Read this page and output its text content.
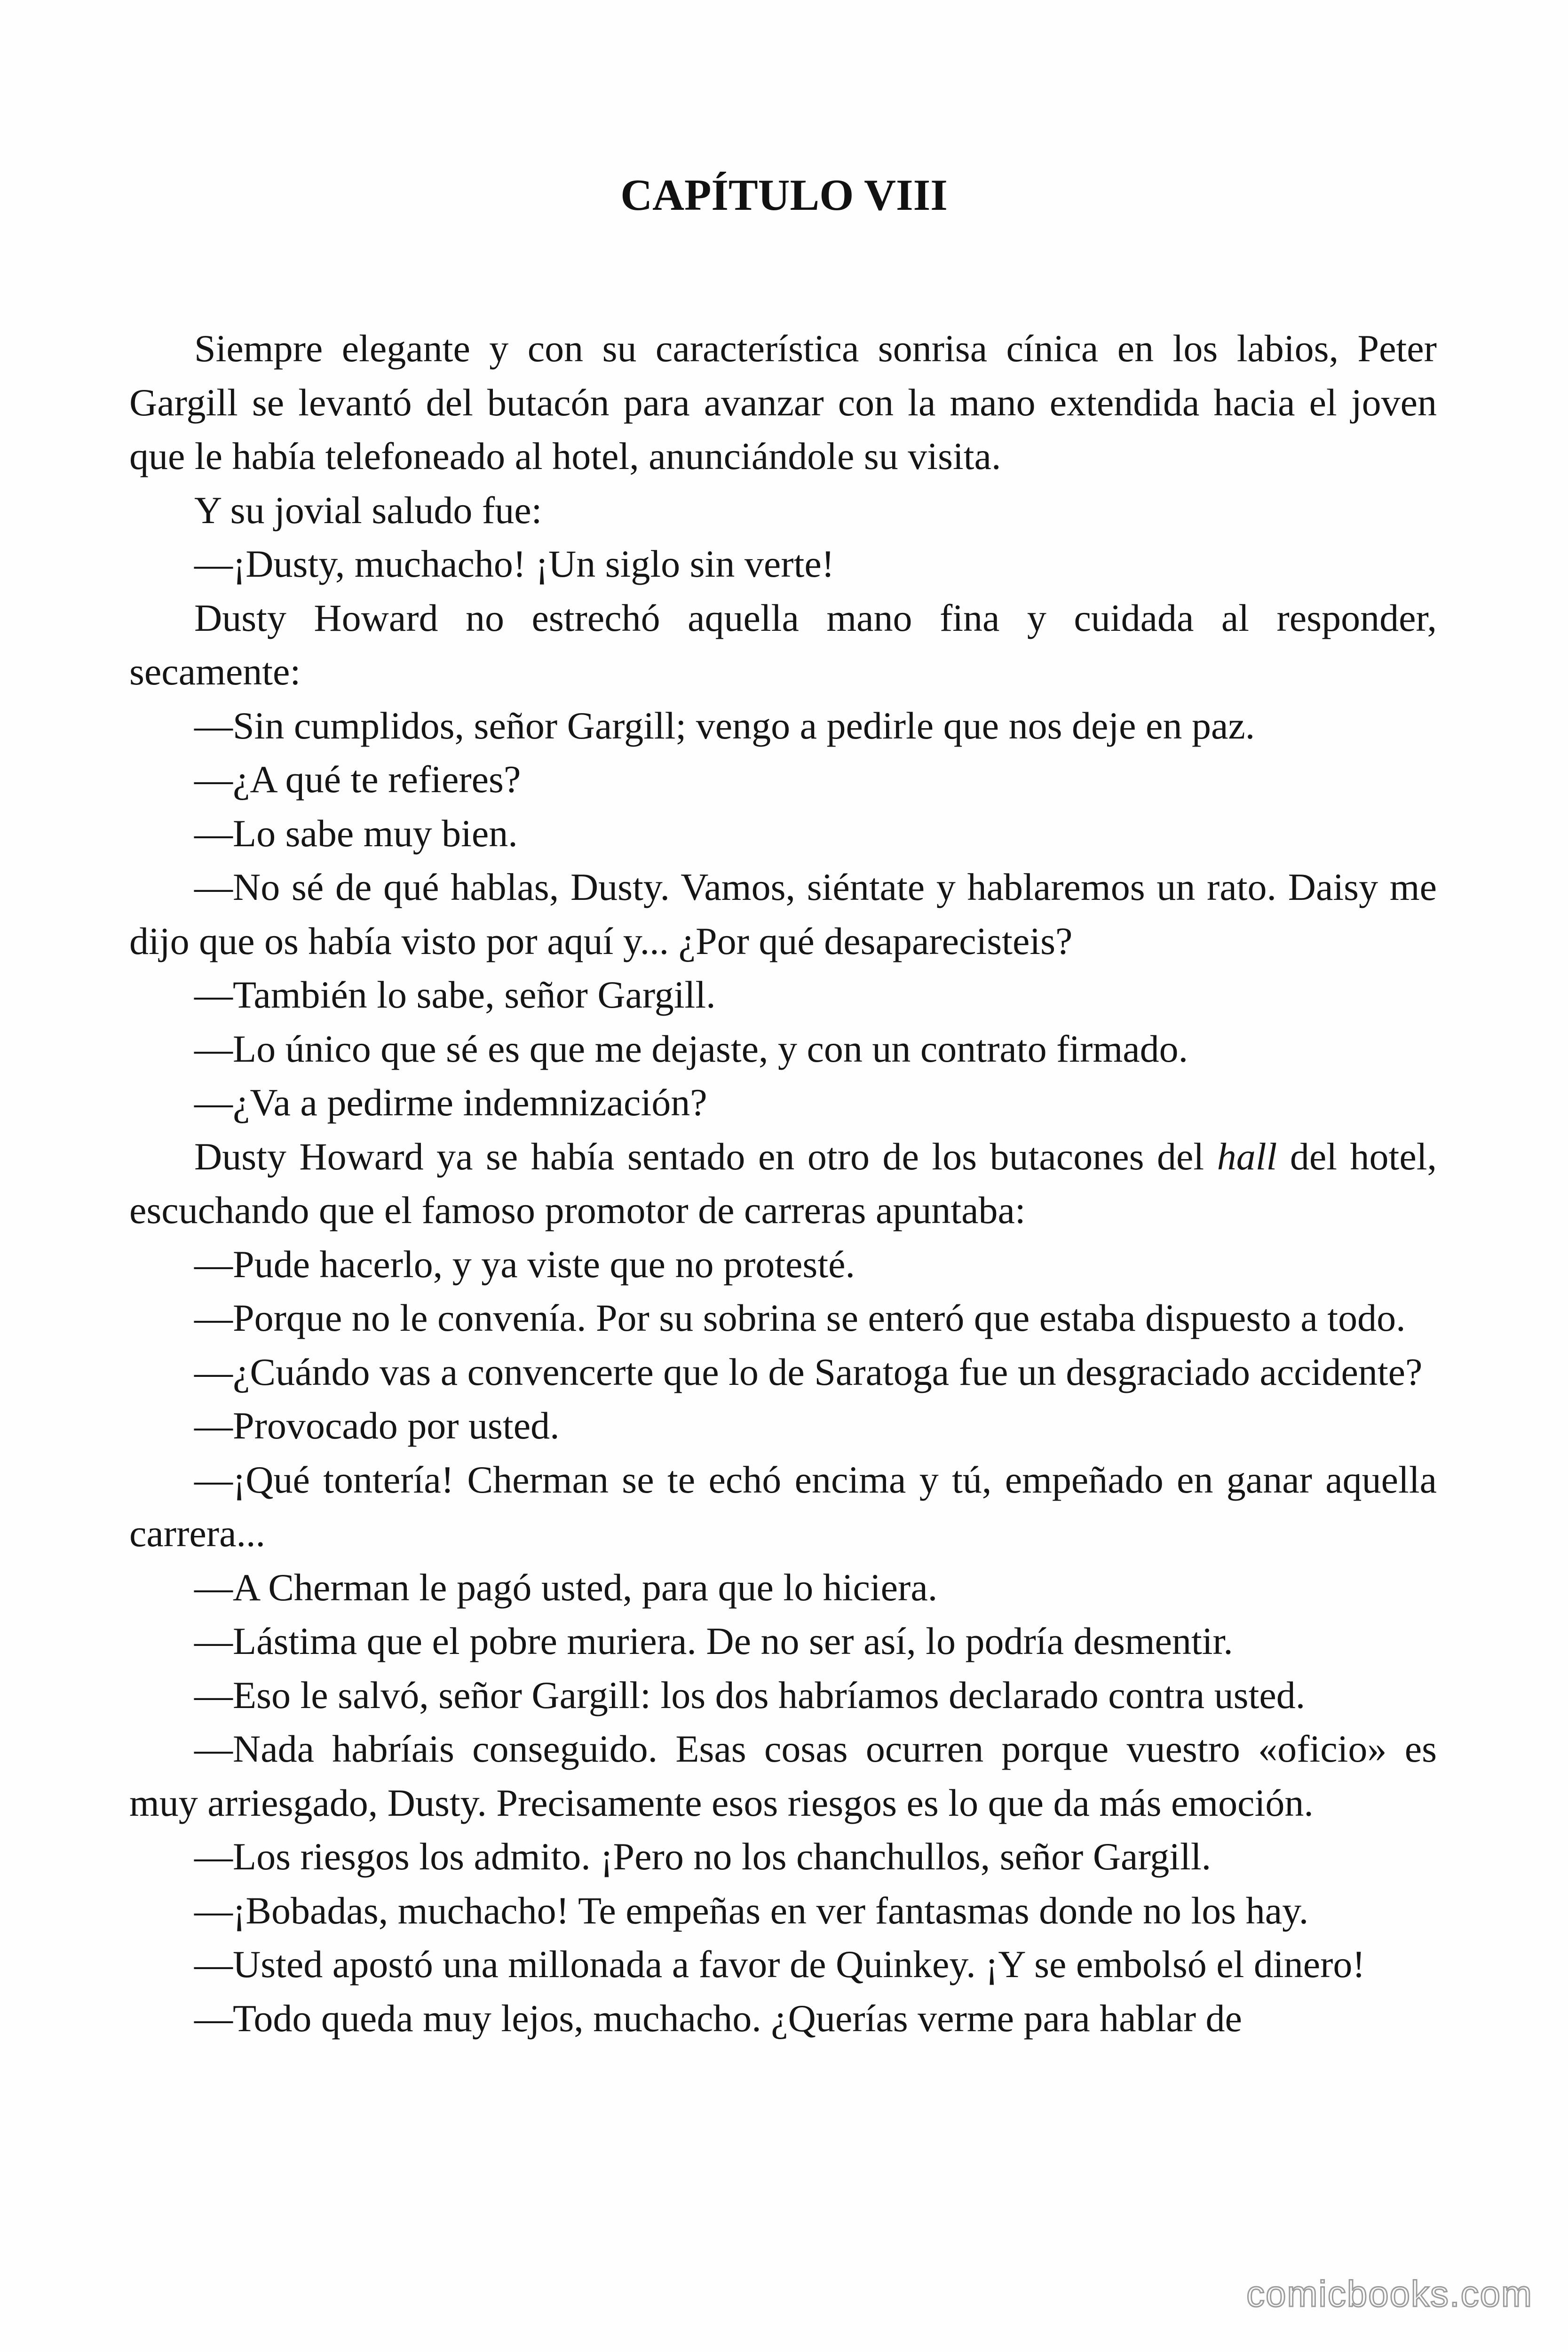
CAPÍTULO VIII

Siempre elegante y con su característica sonrisa cínica en los labios, Peter Gargill se levantó del butacón para avanzar con la mano extendida hacia el joven que le había telefoneado al hotel, anunciándole su visita.

Y su jovial saludo fue:

—¡Dusty, muchacho! ¡Un siglo sin verte!

Dusty Howard no estrechó aquella mano fina y cuidada al responder, secamente:

—Sin cumplidos, señor Gargill; vengo a pedirle que nos deje en paz.

—¿A qué te refieres?

—Lo sabe muy bien.

—No sé de qué hablas, Dusty. Vamos, siéntate y hablaremos un rato. Daisy me dijo que os había visto por aquí y... ¿Por qué desaparecisteis?

—También lo sabe, señor Gargill.

—Lo único que sé es que me dejaste, y con un contrato firmado.

—¿Va a pedirme indemnización?

Dusty Howard ya se había sentado en otro de los butacones del hall del hotel, escuchando que el famoso promotor de carreras apuntaba:

—Pude hacerlo, y ya viste que no protesté.

—Porque no le convenía. Por su sobrina se enteró que estaba dispuesto a todo.

—¿Cuándo vas a convencerte que lo de Saratoga fue un desgraciado accidente?

—Provocado por usted.

—¡Qué tontería! Cherman se te echó encima y tú, empeñado en ganar aquella carrera...

—A Cherman le pagó usted, para que lo hiciera.

—Lástima que el pobre muriera. De no ser así, lo podría desmentir.

—Eso le salvó, señor Gargill: los dos habríamos declarado contra usted.

—Nada habríais conseguido. Esas cosas ocurren porque vuestro «oficio» es muy arriesgado, Dusty. Precisamente esos riesgos es lo que da más emoción.

—Los riesgos los admito. ¡Pero no los chanchullos, señor Gargill.

—¡Bobadas, muchacho! Te empeñas en ver fantasmas donde no los hay.

—Usted apostó una millonada a favor de Quinkey. ¡Y se embolsó el dinero!

—Todo queda muy lejos, muchacho. ¿Querías verme para hablar de

comicbooks.com
